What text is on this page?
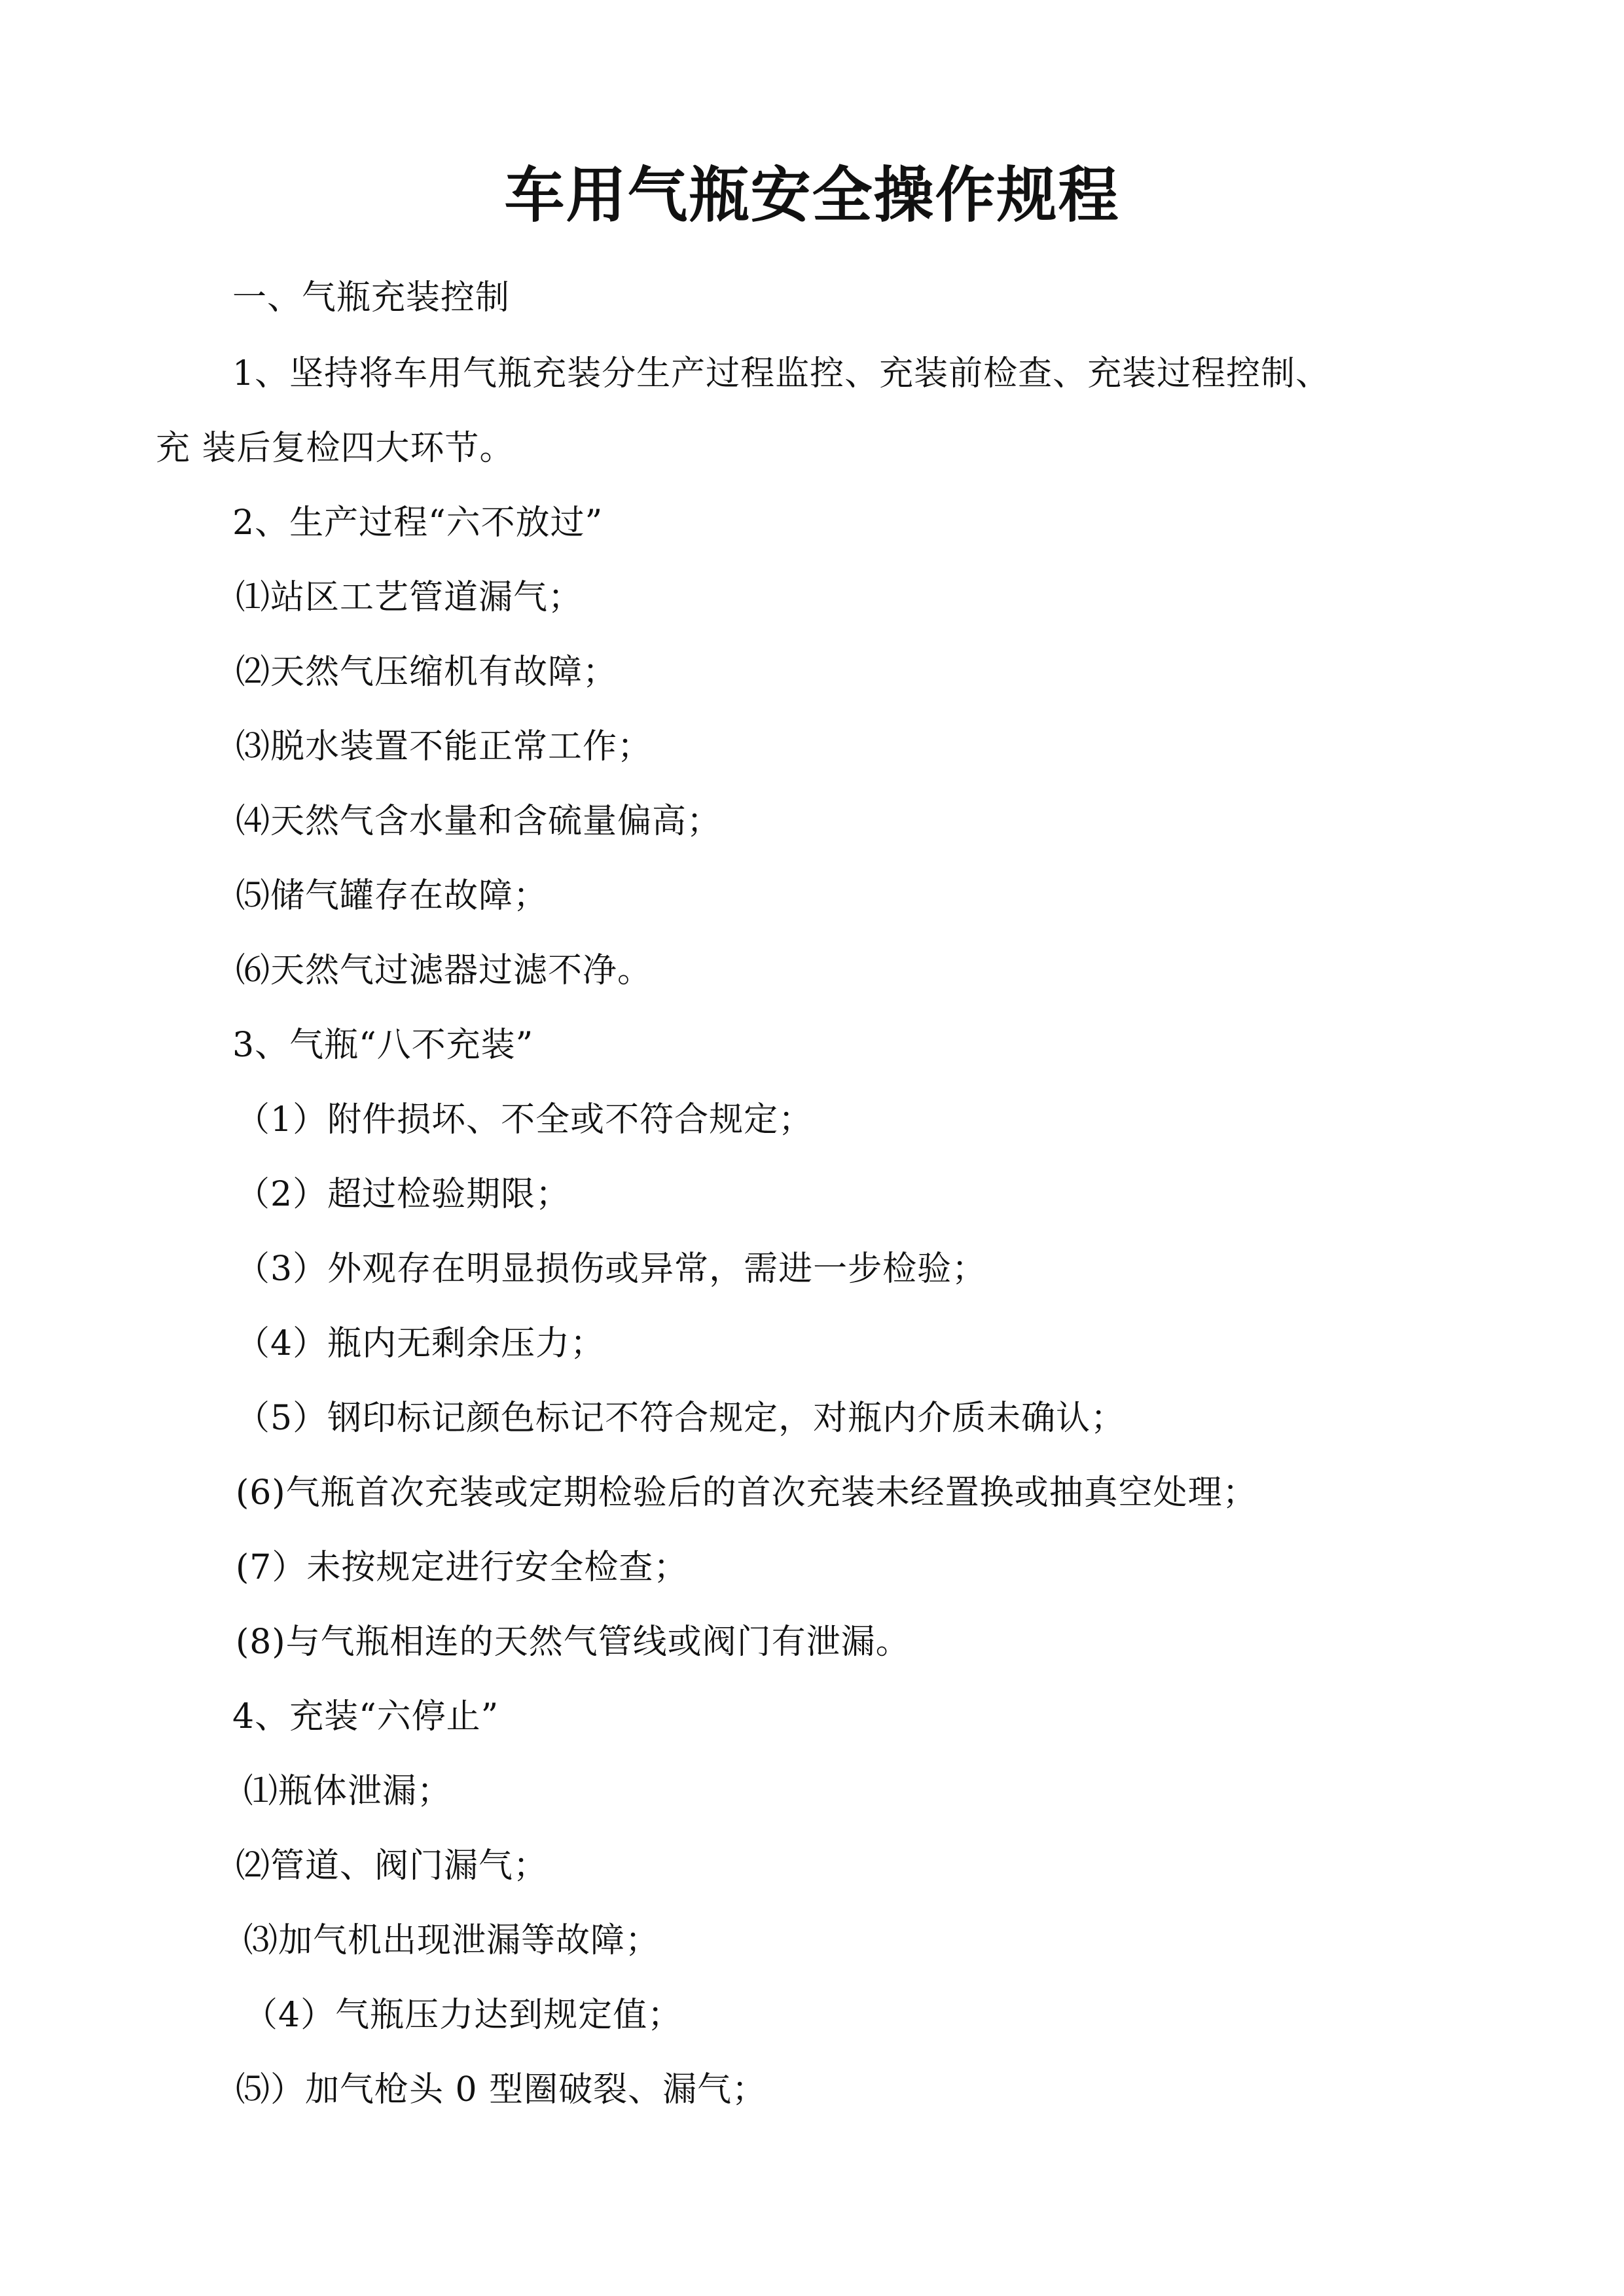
车用气瓶安全操作规程
一、气瓶充装控制
1、坚持将车用气瓶充装分生产过程监控、充装前检查、充装过程控制、
充 装后复检四大环节。
2、生产过程“六不放过”
⑴站区工艺管道漏气；
⑵天然气压缩机有故障；
⑶脱水装置不能正常工作；
⑷天然气含水量和含硫量偏高；
⑸储气罐存在故障；
⑹天然气过滤器过滤不净。
3、气瓶“八不充装”
（1）附件损坏、不全或不符合规定；
（2）超过检验期限；
（3）外观存在明显损伤或异常，需进一步检验；
（4）瓶内无剩余压力；
（5）钢印标记颜色标记不符合规定，对瓶内介质未确认；
(6)气瓶首次充装或定期检验后的首次充装未经置换或抽真空处理；
(7）未按规定进行安全检查；
(8)与气瓶相连的天然气管线或阀门有泄漏。
4、充装“六停止”
⑴瓶体泄漏；
⑵管道、阀门漏气；
⑶加气机出现泄漏等故障；
（4）气瓶压力达到规定值；
⑸）加气枪头 0 型圈破裂、漏气；
